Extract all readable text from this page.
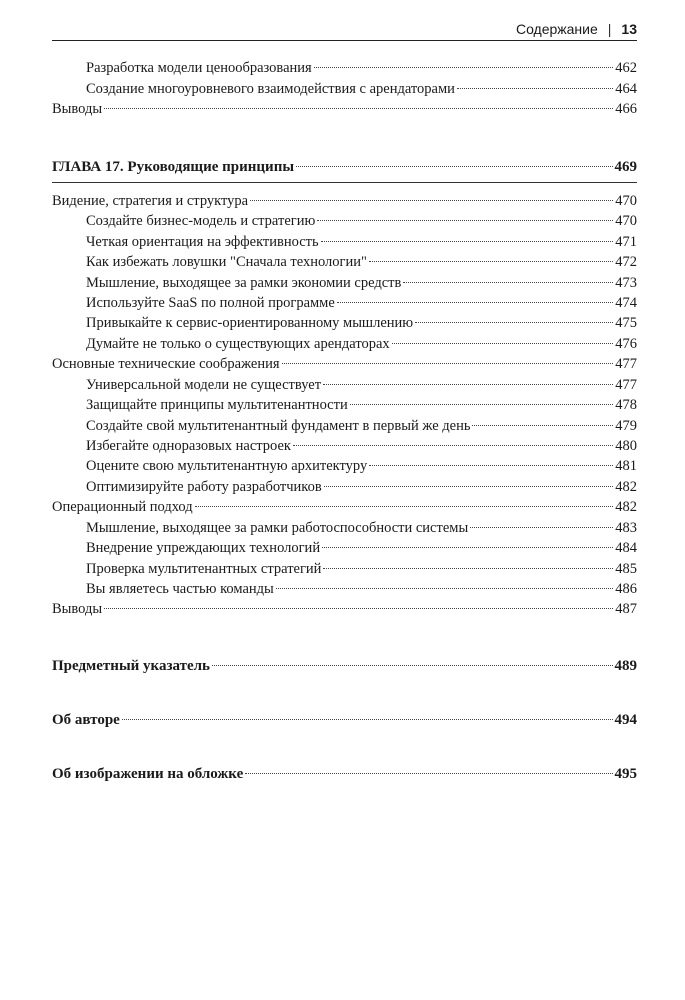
Содержание | 13
Разработка модели ценообразования	462
Создание многоуровневого взаимодействия с арендаторами	464
Выводы	466
ГЛАВА 17. Руководящие принципы	469
Видение, стратегия и структура	470
Создайте бизнес-модель и стратегию	470
Четкая ориентация на эффективность	471
Как избежать ловушки "Сначала технологии"	472
Мышление, выходящее за рамки экономии средств	473
Используйте SaaS по полной программе	474
Привыкайте к сервис-ориентированному мышлению	475
Думайте не только о существующих арендаторах	476
Основные технические соображения	477
Универсальной модели не существует	477
Защищайте принципы мультитенантности	478
Создайте свой мультитенантный фундамент в первый же день	479
Избегайте одноразовых настроек	480
Оцените свою мультитенантную архитектуру	481
Оптимизируйте работу разработчиков	482
Операционный подход	482
Мышление, выходящее за рамки работоспособности системы	483
Внедрение упреждающих технологий	484
Проверка мультитенантных стратегий	485
Вы являетесь частью команды	486
Выводы	487
Предметный указатель	489
Об авторе	494
Об изображении на обложке	495
